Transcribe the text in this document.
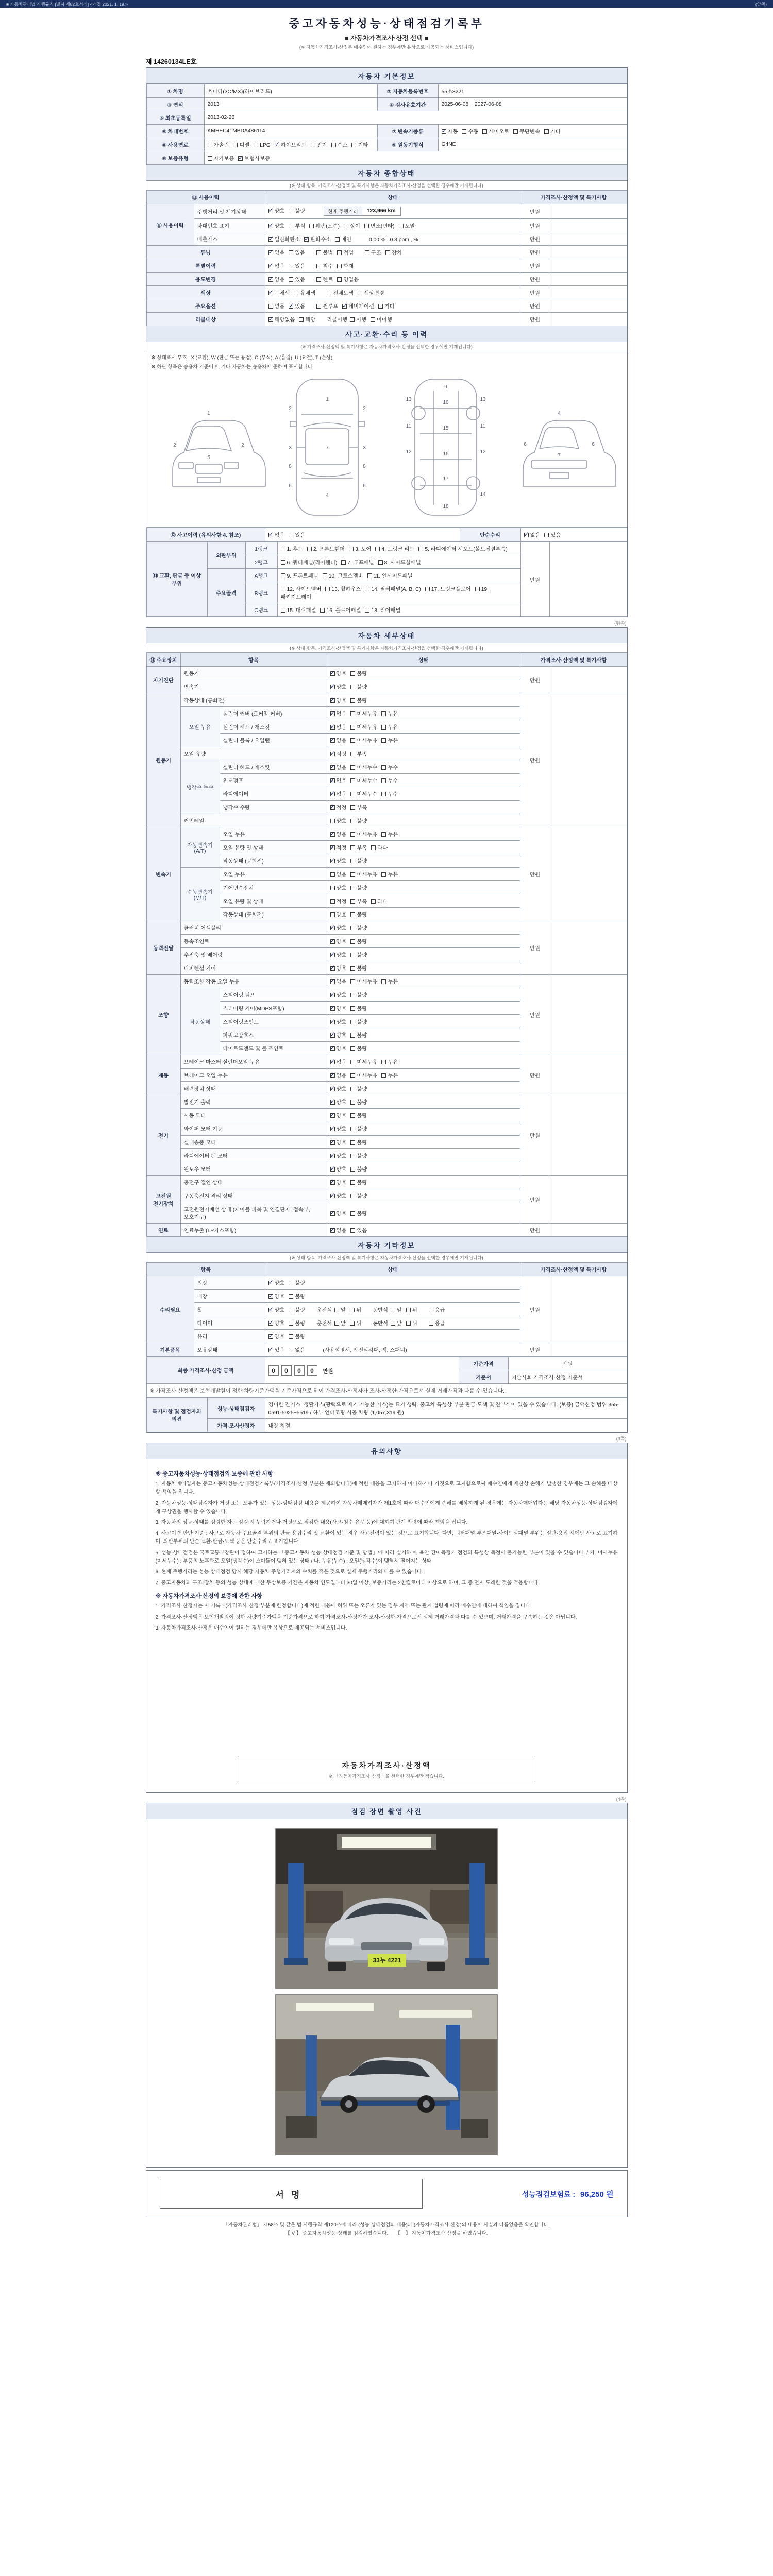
■ 자동차관리법 시행규칙 [별지 제82호서식] <개정 2021. 1. 19.>	(앞쪽)
중고자동차성능·상태점검기록부
■ 자동차가격조사·산정 선택 ■
(※ 자동차가격조사·산정은 매수인이 원하는 경우에만 유상으로 제공되는 서비스입니다)
제 14260134LE호
자동차 기본정보
① 차명	쏘나타(3O/MX)(하이브리드)	② 자동차등록번호	55소3221
③ 연식	2013	④ 검사유효기간	2025-06-08 ~ 2027-06-08
⑤ 최초등록일	2013-02-26		
⑥ 차대번호	KMHEC41MBDA486114	⑦ 변속기종류	✓자동 수동 세미오토 무단변속 기타
⑧ 사용연료	가솔린 디젤 LPG ✓ 하이브리드 전기 수소 기타	⑨ 원동기형식	G4NE
⑩ 보증유형	자가보증 ✓ 보험사보증
자동차 종합상태
(※ 상태·항목, 가격조사·산정액 및 특기사항은 자동차가격조사·산정을 선택한 경우에만 기재됩니다)
⑪ 사용이력		상태	가격조사·산정액 및 특기사항	
⑪ 사용이력	주행거리 및 계기상태	✓양호 불량 현재 주행거리 123,966 km	만원	
	차대번호 표기	✓양호 부식 훼손(오손) 상이 변조(변타) 도말	만원	
	배출가스	✓일산화탄소 ✓ 탄화수소 매연 0.00 % , 0.3 ppm , %	만원	
튜닝	✓없음 있음 불법 적법 구조 장치	만원	
특별이력	✓없음 있음 침수 화재	만원	
용도변경	✓없음 있음 렌트 영업용	만원	
색상	✓무채색 유채색 전체도색 색상변경	만원	
주요옵션		없음 ✓ 있음 썬루프 ✓ 네비게이션 기타	만원	
리콜대상	✓해당없음 해당 리콜이행 이행 미이행	만원	
사고·교환·수리 등 이력
(※ 가격조사·산정액 및 특기사항은 자동차가격조사·산정을 선택한 경우에만 기재됩니다)
※ 상태표시 부호 : X (교환), W (판금 또는 용접), C (부식), A (흠집), U (요철), T (손상)
※ 하단 항목은 승용차 기준이며, 기타 자동차는 승용차에 준하여 표시합니다.
1
2	2
5
1
2	2
3	3
7
8	8
6	6
4
9
10
11	11
12	12
13	13
15
16
17
14
18
4
6	6
7
⑫ 사고이력 (유의사항 4. 참조)	✓없음 있음	단순수리	✓없음 있음
⑬ 교환, 판금 등 이상 부위	외판부위	1랭크	1. 후드 2. 프론트휀더 3. 도어 4. 트렁크 리드 5. 라디에이터 서포트(볼트체결부품)	만원	
		2랭크	6. 쿼터패널(리어휀더) 7. 루프패널 8. 사이드실패널		
	주요골격	A랭크	9. 프론트패널 10. 크로스멤버 11. 인사이드패널		
		B랭크	12. 사이드멤버 13. 휠하우스 14. 필러패널(A, B, C) 17. 트렁크플로어 19. 패키지트레이		
		C랭크	15. 대쉬패널 16. 플로어패널 18. 리어패널		
(뒤쪽)
자동차 세부상태
(※ 상태·항목, 가격조사·산정액 및 특기사항은 자동차가격조사·산정을 선택한 경우에만 기재됩니다)
⑭ 주요장치	항목		상태	가격조사·산정액 및 특기사항	
자기진단	원동기	✓양호 불량	만원	
	변속기	✓양호 불량
원동기	작동상태 (공회전)	✓양호 불량	만원	
	오일 누유	실린더 커버 (로커암 커버)	✓없음 미세누유 누유
		실린더 헤드 / 개스킷	✓없음 미세누유 누유
		실린더 블록 / 오일팬	✓없음 미세누유 누유
	오일 유량	✓적정 부족
	냉각수 누수	실린더 헤드 / 개스킷	✓없음 미세누수 누수
		워터펌프	✓없음 미세누수 누수
		라디에이터	✓없음 미세누수 누수
		냉각수 수량	✓적정 부족
	커먼레일		양호 불량		
변속기	자동변속기 (A/T)	오일 누유	✓없음 미세누유 누유	만원	
		오일 유량 및 상태	✓적정 부족 과다
		작동상태 (공회전)	✓양호 불량
	수동변속기 (M/T)	오일 누유	없음 미세누유 누유		
		기어변속장치	양호 불량		
		오일 유량 및 상태	적정 부족 과다		
		작동상태 (공회전)	양호 불량		
동력전달	클러치 어셈블리	✓양호 불량	만원	
	등속조인트	✓양호 불량
	추진축 및 베어링	✓양호 불량
	디퍼렌셜 기어	✓양호 불량
조향	동력조향 작동 오일 누유	✓없음 미세누유 누유	만원	
	작동상태	스티어링 펌프	✓양호 불량
		스티어링 기어(MDPS포함)	✓양호 불량
		스티어링조인트	✓양호 불량
		파워고압호스	✓양호 불량
		타이로드엔드 및 볼 조인트	✓양호 불량
제동	브레이크 마스터 실린더오일 누유	✓없음 미세누유 누유	만원	
	브레이크 오일 누유	✓없음 미세누유 누유
	배력장치 상태	✓양호 불량
전기	발전기 출력	✓양호 불량	만원	
	시동 모터	✓양호 불량
	와이퍼 모터 기능	✓양호 불량
	실내송풍 모터	✓양호 불량
	라디에이터 팬 모터	✓양호 불량
	윈도우 모터	✓양호 불량
고전원 전기장치	충전구 절연 상태	✓양호 불량	만원	
	구동축전지 격리 상태	✓양호 불량
	고전원전기배선 상태 (케이블 피복 및 연결단자, 접속부, 보호기구)	✓양호 불량
연료	연료누출 (LP가스포함)	✓없음 있음	만원	
자동차 기타정보
(※ 상태·항목, 가격조사·산정액 및 특기사항은 자동차가격조사·산정을 선택한 경우에만 기재됩니다)
항목		상태	가격조사·산정액 및 특기사항	
수리필요	외장	✓양호 불량	만원	
	내장	✓양호 불량
	휠	✓양호 불량 운전석 앞 뒤 동반석 앞 뒤 응급
	타이어	✓양호 불량 운전석 앞 뒤 동반석 앞 뒤 응급
	유리	✓양호 불량
기본품목	보유상태	✓있음 없음 (사용설명서, 안전삼각대, 잭, 스패너)	만원	
최종 가격조사·산정 금액	0 0 0 0 만원	기준가격	만원
		기준서	기술사회 가격조사·산정 기준서
※ 가격조사·산정액은 보험개발원이 정한 차량기준가액을 기준가격으로 하여 가격조사·산정자가 조사·산정한 가격으로서 실제 거래가격과 다를 수 있습니다.			
특기사항 및 점검자의 의견	성능·상태점검자	경미한 잔기스, 생활기스(광택으로 제거 가능한 기스)는 표기 생략. 중고차 특성상 부분 판금·도색 및 잔부식이 있을 수 있습니다. (보증) 금액산정 범위 355-0591-5925~5519 / 하부 언더코팅 시공 차량 (1,057,319 원)
	가격·조사산정자	내장 청결
(3쪽)
유의사항

※ 중고자동차성능·상태점검의 보증에 관한 사항

1. 자동차매매업자는 중고자동차성능·상태점검기록부(가격조사·산정 부분은 제외합니다)에 적힌 내용을 고지하지 아니하거나 거짓으로 고지함으로써 매수인에게 재산상 손해가 발생한 경우에는 그 손해를 배상할 책임을 집니다.

2. 자동차성능·상태점검자가 거짓 또는 오류가 있는 성능·상태점검 내용을 제공하여 자동차매매업자가 제1호에 따라 매수인에게 손해를 배상하게 된 경우에는 자동차매매업자는 해당 자동차성능·상태점검자에게 구상권을 행사할 수 있습니다.

3. 자동차의 성능·상태를 점검한 자는 점검 시 누락하거나 거짓으로 점검한 내용(사고·침수 유무 등)에 대하여 관계 법령에 따라 책임을 집니다.

4. 사고이력 판단 기준 : 사고로 자동차 주요골격 부위의 판금·용접수리 및 교환이 있는 경우 사고전력이 있는 것으로 표기합니다. 다만, 쿼터패널·루프패널·사이드실패널 부위는 절단·용접 시에만 사고로 표기하며, 외판부위의 단순 교환·판금·도색 등은 단순수리로 표기합니다.

5. 성능·상태점검은 국토교통부장관이 정하여 고시하는 「중고자동차 성능·상태점검 기준 및 방법」에 따라 실시하며, 육안·간이측정기 점검의 특성상 측정이 불가능한 부분이 있을 수 있습니다. / 가. 미세누유(미세누수) : 부품의 노후화로 오일(냉각수)이 스며들어 맺혀 있는 상태 / 나. 누유(누수) : 오일(냉각수)이 맺혀서 떨어지는 상태

6. 현재 주행거리는 성능·상태점검 당시 해당 자동차 주행거리계의 수치를 적은 것으로 실제 주행거리와 다를 수 있습니다.

7. 중고자동차의 구조·장치 등의 성능·상태에 대한 무상보증 기간은 자동차 인도일부터 30일 이상, 보증거리는 2천킬로미터 이상으로 하며, 그 중 먼저 도래한 것을 적용합니다.

※ 자동차가격조사·산정의 보증에 관한 사항

1. 가격조사·산정자는 이 기록부(가격조사·산정 부분에 한정합니다)에 적힌 내용에 허위 또는 오류가 있는 경우 계약 또는 관계 법령에 따라 매수인에 대하여 책임을 집니다.

2. 가격조사·산정액은 보험개발원이 정한 차량기준가액을 기준가격으로 하여 가격조사·산정자가 조사·산정한 가격으로서 실제 거래가격과 다를 수 있으며, 거래가격을 구속하는 것은 아닙니다.

3. 자동차가격조사·산정은 매수인이 원하는 경우에만 유상으로 제공되는 서비스입니다.

자동차가격조사·산정액
※ 「자동차가격조사·산정」을 선택한 경우에만 적습니다.
(4쪽)
점검 장면 촬영 사진
33누 4221
서명	성능점검보험료 : 96,250 원

「자동차관리법」 제58조 및 같은 법 시행규칙 제120조에 따라 (성능·상태점검의 내용)과 (자동차가격조사·산정)의 내용이 사실과 다름없음을 확인합니다.

【 V 】 중고자동차성능·상태를 점검하였습니다.　　【　】 자동차가격조사·산정을 하였습니다.
